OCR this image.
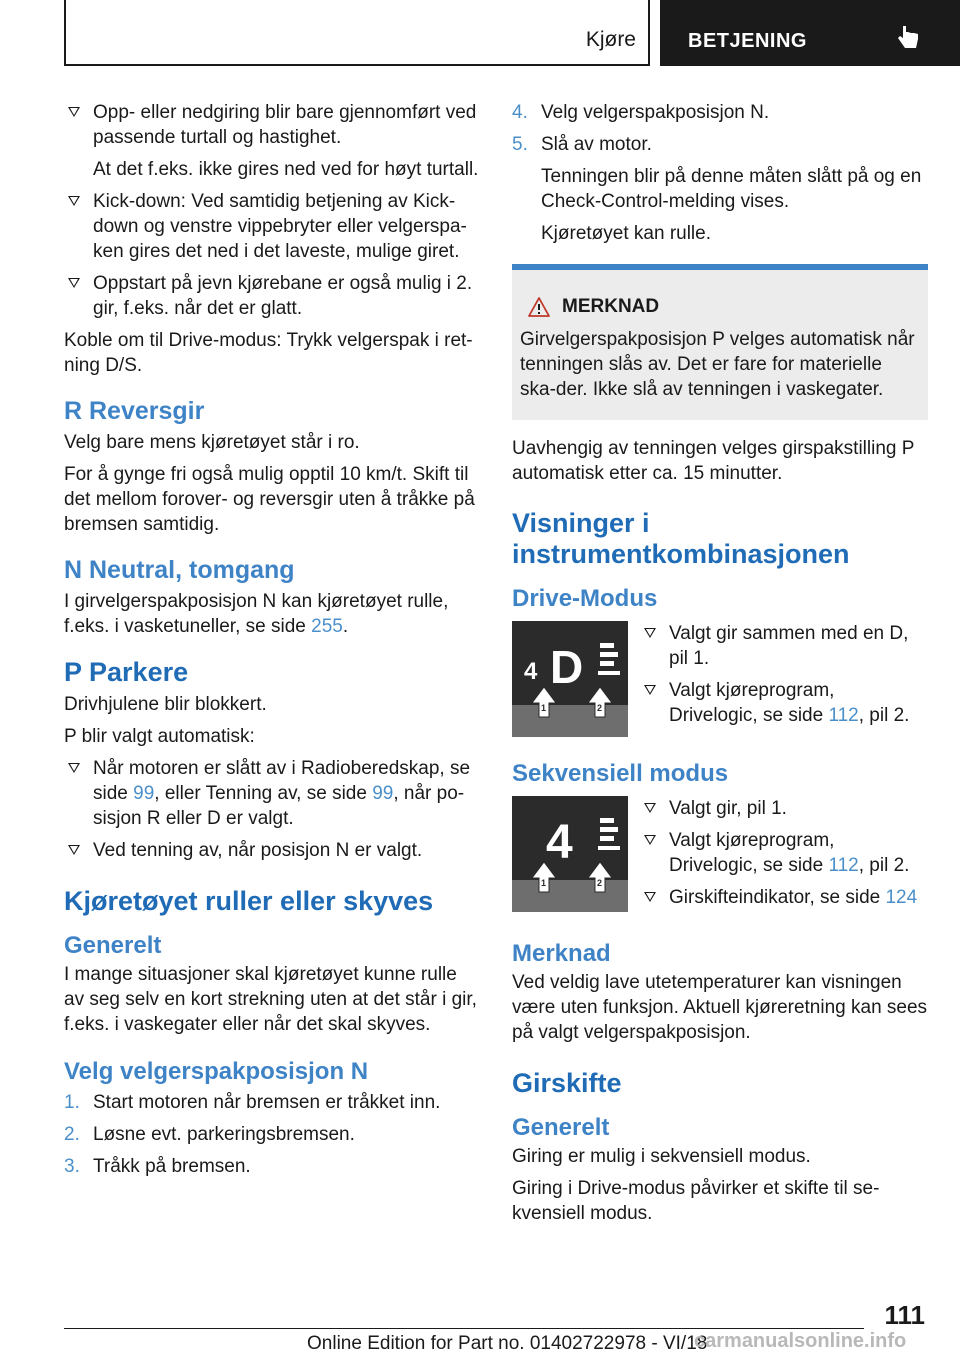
Kjøre	BETJENING

Opp- eller nedgiring blir bare gjennomført ved passende turtall og hastighet.

At det f.eks. ikke gires ned ved for høyt turtall.

Kick-down: Ved samtidig betjening av Kick-down og venstre vippebryter eller velgerspa-ken gires det ned i det laveste, mulige giret.

Oppstart på jevn kjørebane er også mulig i 2. gir, f.eks. når det er glatt.

Koble om til Drive-modus: Trykk velgerspak i ret-ning D/S.

R Reversgir

Velg bare mens kjøretøyet står i ro.

For å gynge fri også mulig opptil 10 km/t. Skift til det mellom forover- og reversgir uten å tråkke på bremsen samtidig.

N Neutral, tomgang

I girvelgerspakposisjon N kan kjøretøyet rulle, f.eks. i vasketuneller, se side 255.

P Parkere

Drivhjulene blir blokkert.

P blir valgt automatisk:

Når motoren er slått av i Radioberedskap, se side 99, eller Tenning av, se side 99, når po-sisjon R eller D er valgt.

Ved tenning av, når posisjon N er valgt.

Kjøretøyet ruller eller skyves
Generelt

I mange situasjoner skal kjøretøyet kunne rulle av seg selv en kort strekning uten at det står i gir, f.eks. i vaskegater eller når det skal skyves.

Velg velgerspakposisjon N
1. Start motoren når bremsen er tråkket inn.
2. Løsne evt. parkeringsbremsen.
3. Tråkk på bremsen.
4. Velg velgerspakposisjon N.
5. Slå av motor.

Tenningen blir på denne måten slått på og en Check-Control-melding vises.

Kjøretøyet kan rulle.

MERKNAD

Girvelgerspakposisjon P velges automatisk når tenningen slås av. Det er fare for materielle ska-der. Ikke slå av tenningen i vaskegater.

Uavhengig av tenningen velges girspakstilling P automatisk etter ca. 15 minutter.

Visninger i instrumentkombinasjonen
Drive-Modus
4 D
1	2

Valgt gir sammen med en D, pil 1.

Valgt kjøreprogram, Drivelogic, se side 112, pil 2.

Sekvensiell modus
4
1	2

Valgt gir, pil 1.

Valgt kjøreprogram, Drivelogic, se side 112, pil 2.

Girskifteindikator, se side 124

Merknad

Ved veldig lave utetemperaturer kan visningen være uten funksjon. Aktuell kjøreretning kan sees på valgt velgerspakposisjon.

Girskifte
Generelt

Giring er mulig i sekvensiell modus.

Giring i Drive-modus påvirker et skifte til se-kvensiell modus.

111
Online Edition for Part no. 01402722978 - VI/18
carmanualsonline.info
